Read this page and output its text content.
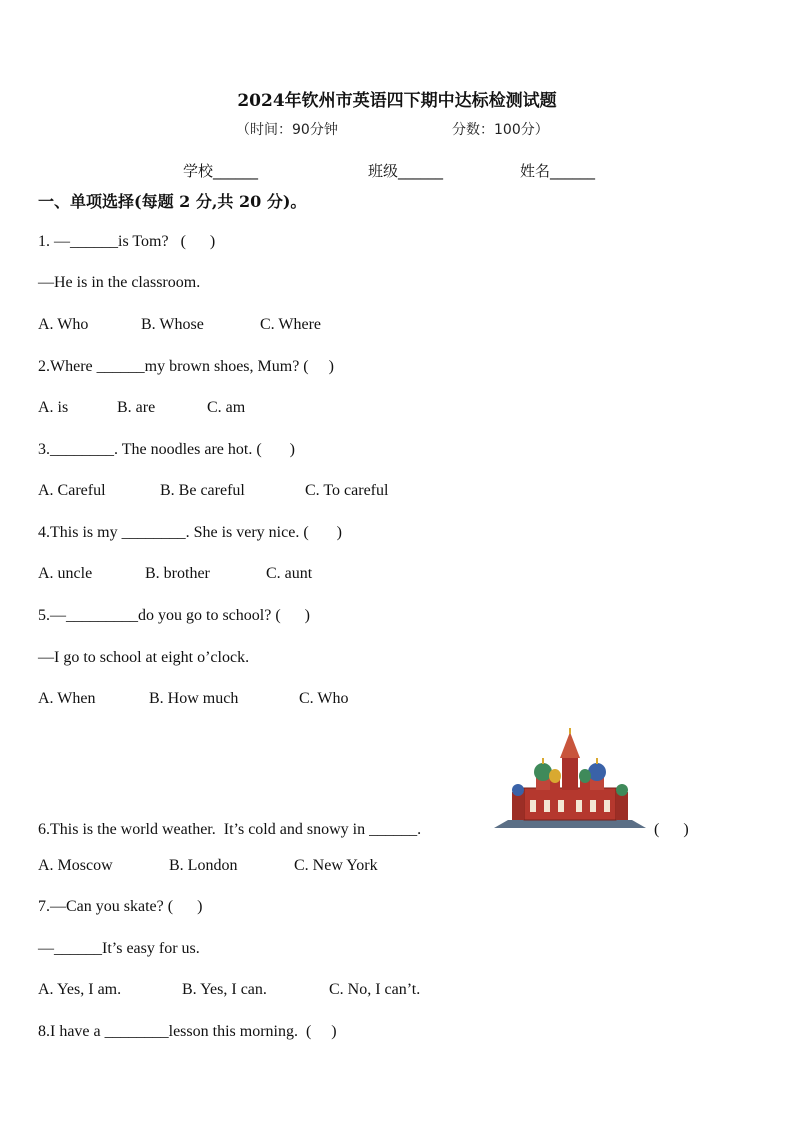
2024年钦州市英语四下期中达标检测试题
（时间：90分钟	分数：100分）
学校______	班级______	姓名______
一、单项选择(每题 2 分,共 20 分)。
1. —______is Tom?   (      )
—He is in the classroom.
A. Who	B. Whose	C. Where
2.Where ______my brown shoes, Mum? (     )
A. is	B. are	C. am
3.________. The noodles are hot. (       )
A. Careful	B. Be careful	C. To careful
4.This is my ________. She is very nice. (       )
A. uncle	B. brother	C. aunt
5.—_________do you go to school? (      )
—I go to school at eight o’clock.
A. When	B. How much	C. Who
6.This is the world weather.  It’s cold and snowy in ______.	(      )
A. Moscow	B. London	C. New York
7.—Can you skate? (      )
—______It’s easy for us.
A. Yes, I am.	B. Yes, I can.	C. No, I can’t.
8.I have a ________lesson this morning.  (     )
